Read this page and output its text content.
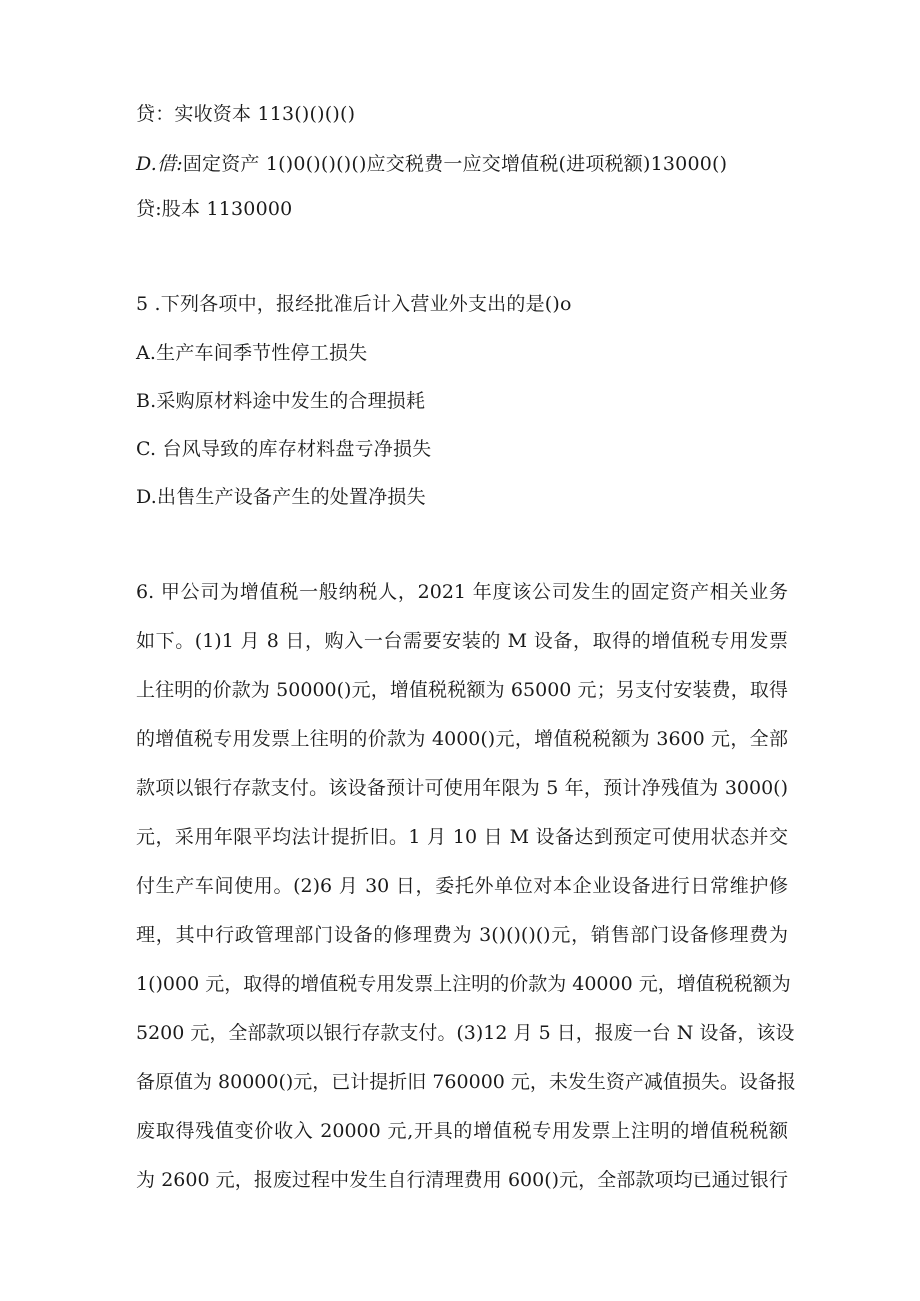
贷：实收资本 113()()()()
D.借:固定资产 1()0()()()()应交税费一应交增值税(进项税额)13000()
贷:股本 1130000
5 .下列各项中，报经批准后计入营业外支出的是()o
A.生产车间季节性停工损失
B.采购原材料途中发生的合理损耗
C. 台风导致的库存材料盘亏净损失
D.出售生产设备产生的处置净损失
6. 甲公司为增值税一般纳税人，2021 年度该公司发生的固定资产相关业务
如下。(1)1 月 8 日，购入一台需要安装的 M 设备，取得的增值税专用发票
上往明的价款为 50000()元，增值税税额为 65000 元；另支付安装费，取得
的增值税专用发票上往明的价款为 4000()元，增值税税额为 3600 元，全部
款项以银行存款支付。该设备预计可使用年限为 5 年，预计净残值为 3000()
元，采用年限平均法计提折旧。1 月 10 日 M 设备达到预定可使用状态并交
付生产车间使用。(2)6 月 30 日，委托外单位对本企业设备进行日常维护修
理，其中行政管理部门设备的修理费为 3()()()()元，销售部门设备修理费为
1()000 元，取得的增值税专用发票上注明的价款为 40000 元，增值税税额为
5200 元，全部款项以银行存款支付。(3)12 月 5 日，报废一台 N 设备，该设
备原值为 80000()元，已计提折旧 760000 元，未发生资产减值损失。设备报
废取得残值变价收入 20000 元,开具的增值税专用发票上注明的增值税税额
为 2600 元，报废过程中发生自行清理费用 600()元，全部款项均已通过银行
